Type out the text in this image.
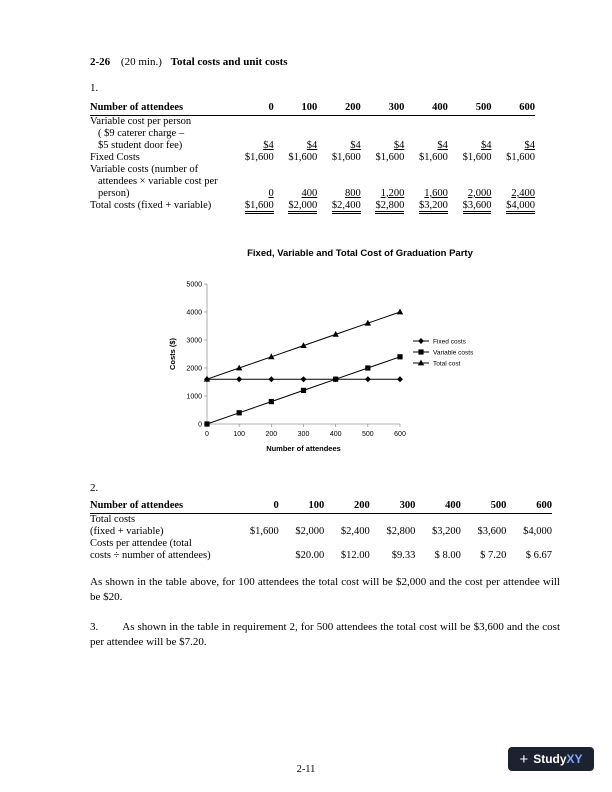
2-26 (20 min.) Total costs and unit costs
1.
Number of attendees	0	100	200	300	400	500	600

Variable cost per person
( $9 caterer charge –
$5 student door fee)	$4	$4	$4	$4	$4	$4	$4
Fixed Costs	$1,600	$1,600	$1,600	$1,600	$1,600	$1,600	$1,600

Variable costs (number of
attendees × variable cost per
person)	0	400	800	1,200	1,600	2,000	2,400
Total costs (fixed + variable)	$1,600	$2,000	$2,400	$2,800	$3,200	$3,600	$4,000
Fixed, Variable and Total Cost of Graduation Party
0
1000
2000
3000
4000
5000
0	100	200	300	400	500	600
Number of attendees
Costs ($)	Fixed costs
Variable costs
Total cost
2.
Number of attendees	0	100	200	300	400	500	600

Total costs
(fixed + variable)	$1,600	$2,000	$2,400	$2,800	$3,200	$3,600	$4,000

Costs per attendee (total
costs ÷ number of attendees)		$20.00	$12.00	$9.33	$ 8.00	$ 7.20	$ 6.67
As shown in the table above, for 100 attendees the total cost will be $2,000 and the cost per attendee will be $20.
3. As shown in the table in requirement 2, for 500 attendees the total cost will be $3,600 and the cost per attendee will be $7.20.
2-11
+ StudyXY
